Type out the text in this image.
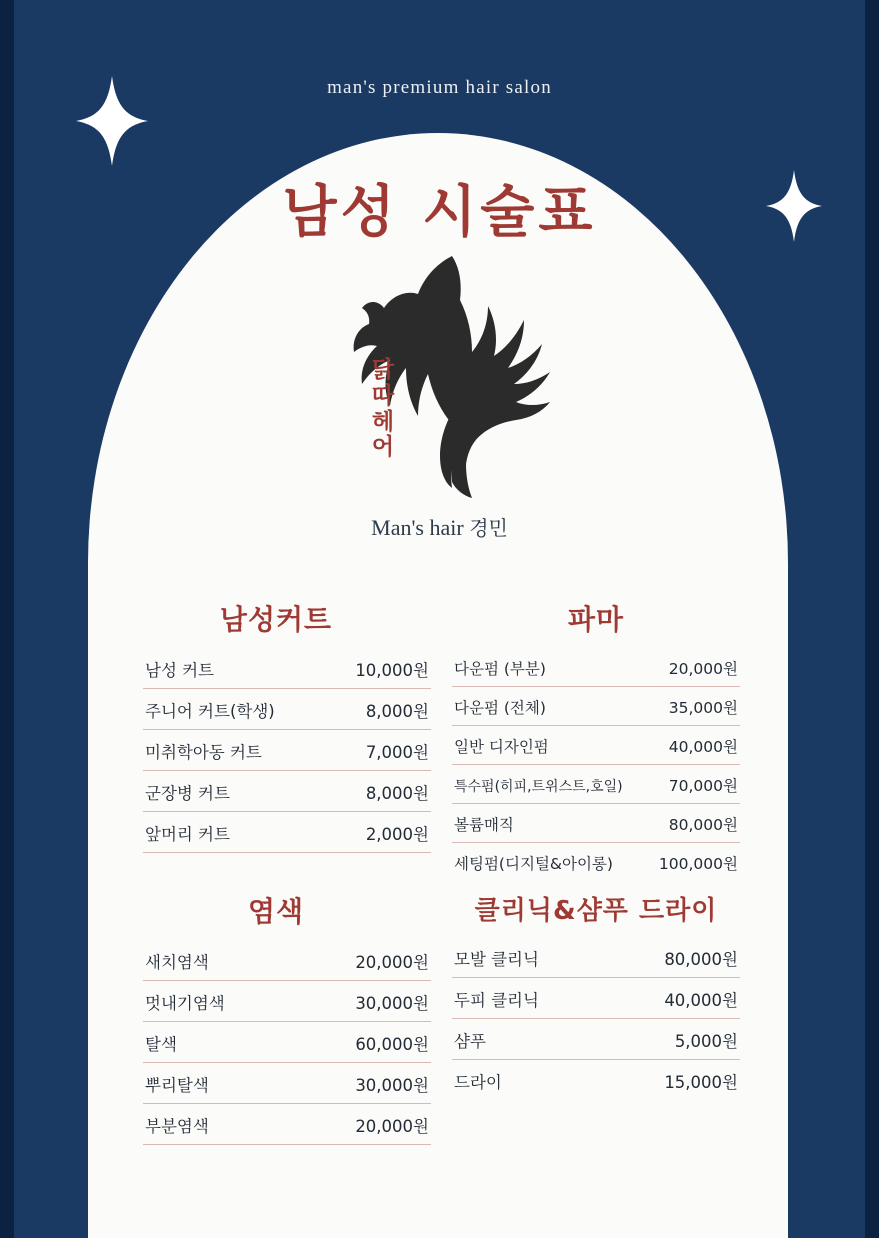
man's premium hair salon
남성 시술표
닭따헤어
Man's hair 경민
남성커트
남성 커트	10,000원
주니어 커트(학생)	8,000원
미취학아동 커트	7,000원
군장병 커트	8,000원
앞머리 커트	2,000원
염색
새치염색	20,000원
멋내기염색	30,000원
탈색	60,000원
뿌리탈색	30,000원
부분염색	20,000원
파마
다운펌 (부분)	20,000원
다운펌 (전체)	35,000원
일반 디자인펌	40,000원
특수펌(히피,트위스트,호일)	70,000원
볼륨매직	80,000원
세팅펌(디지털&아이롱)	100,000원
클리닉&샴푸 드라이
모발 클리닉	80,000원
두피 클리닉	40,000원
샴푸	5,000원
드라이	15,000원
